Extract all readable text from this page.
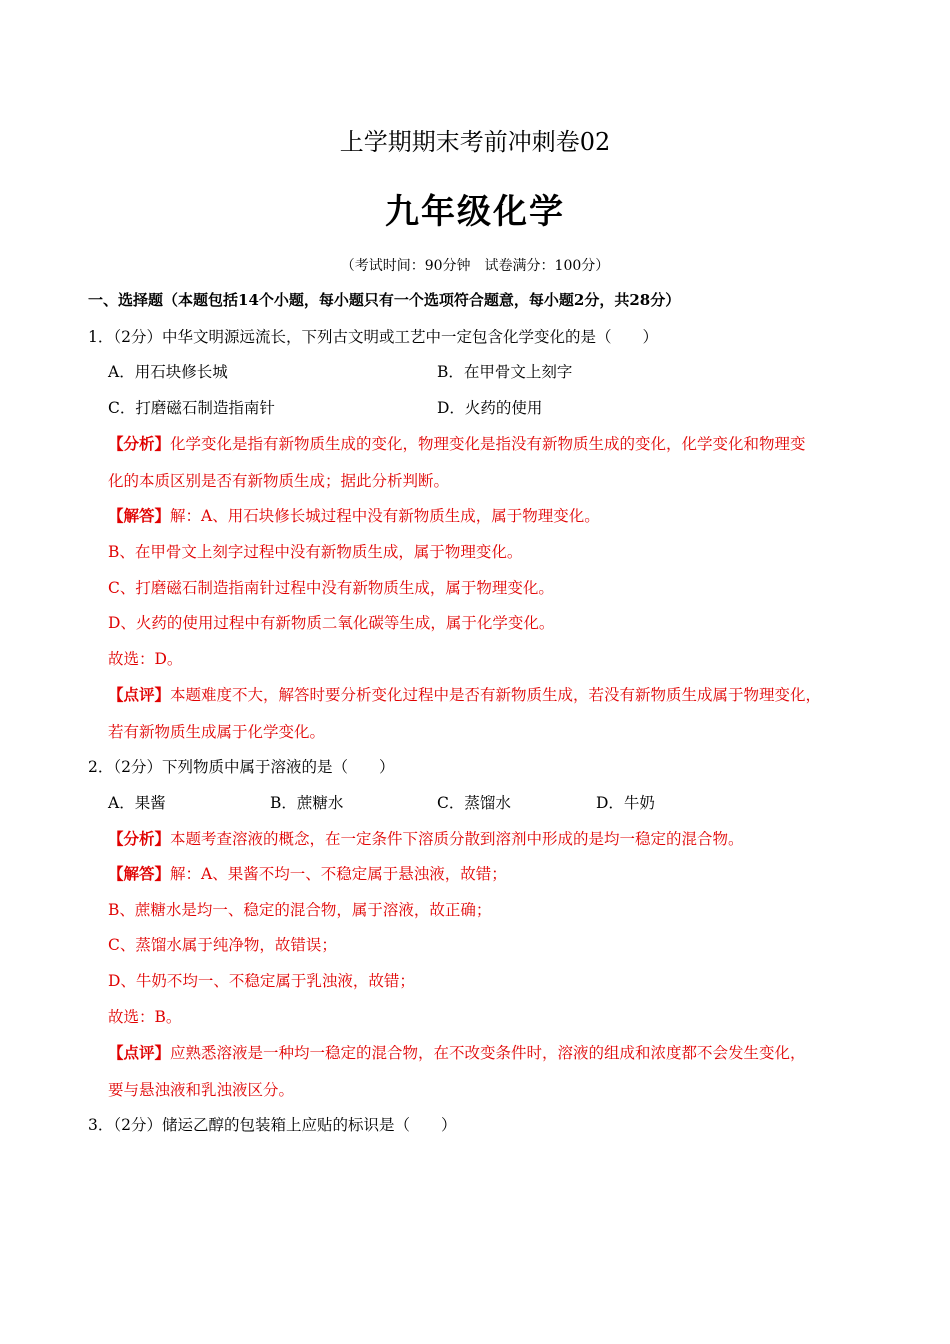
上学期期末考前冲刺卷02
九年级化学
（考试时间：90分钟　试卷满分：100分）
一、选择题（本题包括14个小题，每小题只有一个选项符合题意，每小题2分，共28分）
1．（2分）中华文明源远流长，下列古文明或工艺中一定包含化学变化的是（　　）
A．用石块修长城	B．在甲骨文上刻字
C．打磨磁石制造指南针	D．火药的使用
【分析】化学变化是指有新物质生成的变化，物理变化是指没有新物质生成的变化，化学变化和物理变
化的本质区别是否有新物质生成；据此分析判断。
【解答】解：A、用石块修长城过程中没有新物质生成，属于物理变化。
B、在甲骨文上刻字过程中没有新物质生成，属于物理变化。
C、打磨磁石制造指南针过程中没有新物质生成，属于物理变化。
D、火药的使用过程中有新物质二氧化碳等生成，属于化学变化。
故选：D。
【点评】本题难度不大，解答时要分析变化过程中是否有新物质生成，若没有新物质生成属于物理变化，
若有新物质生成属于化学变化。
2．（2分）下列物质中属于溶液的是（　　）
A．果酱	B．蔗糖水	C．蒸馏水	D．牛奶
【分析】本题考查溶液的概念，在一定条件下溶质分散到溶剂中形成的是均一稳定的混合物。
【解答】解：A、果酱不均一、不稳定属于悬浊液，故错；
B、蔗糖水是均一、稳定的混合物，属于溶液，故正确；
C、蒸馏水属于纯净物，故错误；
D、牛奶不均一、不稳定属于乳浊液，故错；
故选：B。
【点评】应熟悉溶液是一种均一稳定的混合物，在不改变条件时，溶液的组成和浓度都不会发生变化，
要与悬浊液和乳浊液区分。
3．（2分）储运乙醇的包装箱上应贴的标识是（　　）
